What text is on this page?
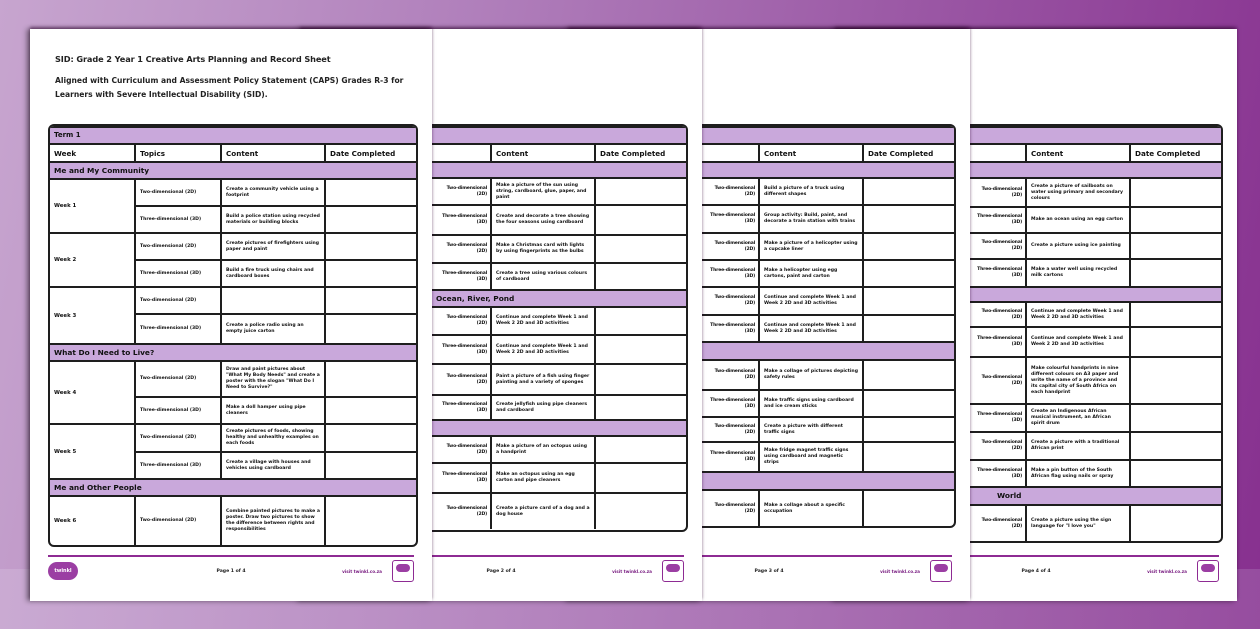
SID: Grade 2 Year 1 Creative Arts Planning and Record Sheet
Aligned with Curriculum and Assessment Policy Statement (CAPS) Grades R-3 for Learners with Severe Intellectual Disability (SID).
Term 1			
Week	Topics	Content	Date Completed
Me and My Community			
Week 1	Two-dimensional (2D)	Create a community vehicle using a footprint	
	Three-dimensional (3D)	Build a police station using recycled materials or building blocks	
Week 2	Two-dimensional (2D)	Create pictures of firefighters using paper and paint	
	Three-dimensional (3D)	Build a fire truck using chairs and cardboard boxes	
Week 3	Two-dimensional (2D)		
	Three-dimensional (3D)	Create a police radio using an empty juice carton	
What Do I Need to Live?			
Week 4	Two-dimensional (2D)	Draw and paint pictures about "What My Body Needs" and create a poster with the slogan "What Do I Need to Survive?"	
	Three-dimensional (3D)	Make a doll hamper using pipe cleaners	
Week 5	Two-dimensional (2D)	Create pictures of foods, showing healthy and unhealthy examples on each foods	
	Three-dimensional (3D)	Create a village with houses and vehicles using cardboard	
Me and Other People			
Week 6	Two-dimensional (2D)	Combine painted pictures to make a poster. Draw two pictures to show the difference between rights and responsibilities	
twinkl	Page 1 of 4	visit twinkl.co.za

		Content	Date Completed

	Two-dimensional (2D)	Make a picture of the sun using string, cardboard, glue, paper, and paint	
	Three-dimensional (3D)	Create and decorate a tree showing the four seasons using cardboard	
	Two-dimensional (2D)	Make a Christmas card with lights by using fingerprints as the bulbs	
	Three-dimensional (3D)	Create a tree using various colours of cardboard	
Ocean, River, Pond			
	Two-dimensional (2D)	Continue and complete Week 1 and Week 2 2D and 3D activities	
	Three-dimensional (3D)	Continue and complete Week 1 and Week 2 2D and 3D activities	
	Two-dimensional (2D)	Paint a picture of a fish using finger painting and a variety of sponges	
	Three-dimensional (3D)	Create jellyfish using pipe cleaners and cardboard	

	Two-dimensional (2D)	Make a picture of an octopus using a handprint	
	Three-dimensional (3D)	Make an octopus using an egg carton and pipe cleaners	
	Two-dimensional (2D)	Create a picture card of a dog and a dog house	
Page 2 of 4	visit twinkl.co.za

		Content	Date Completed

	Two-dimensional (2D)	Build a picture of a truck using different shapes	
	Three-dimensional (3D)	Group activity: Build, paint, and decorate a train station with trains	
	Two-dimensional (2D)	Make a picture of a helicopter using a cupcake liner	
	Three-dimensional (3D)	Make a helicopter using egg cartons, paint and carton	
	Two-dimensional (2D)	Continue and complete Week 1 and Week 2 2D and 3D activities	
	Three-dimensional (3D)	Continue and complete Week 1 and Week 2 2D and 3D activities	

	Two-dimensional (2D)	Make a collage of pictures depicting safety rules	
	Three-dimensional (3D)	Make traffic signs using cardboard and ice cream sticks	
	Two-dimensional (2D)	Create a picture with different traffic signs	
	Three-dimensional (3D)	Make fridge magnet traffic signs using cardboard and magnetic strips	

	Two-dimensional (2D)	Make a collage about a specific occupation	
Page 3 of 4	visit twinkl.co.za

		Content	Date Completed

	Two-dimensional (2D)	Create a picture of sailboats on water using primary and secondary colours	
	Three-dimensional (3D)	Make an ocean using an egg carton	
	Two-dimensional (2D)	Create a picture using ice painting	
	Three-dimensional (3D)	Make a water well using recycled milk cartons	

	Two-dimensional (2D)	Continue and complete Week 1 and Week 2 2D and 3D activities	
	Three-dimensional (3D)	Continue and complete Week 1 and Week 2 2D and 3D activities	
	Two-dimensional (2D)	Make colourful handprints in nine different colours on A3 paper and write the name of a province and its capital city of South Africa on each handprint	
	Three-dimensional (3D)	Create an Indigenous African musical instrument, an African spirit drum	
	Two-dimensional (2D)	Create a picture with a traditional African print	
	Three-dimensional (3D)	Make a pin button of the South African flag using nails or spray	
World			
	Two-dimensional (2D)	Create a picture using the sign language for "I love you"	
Page 4 of 4	visit twinkl.co.za
